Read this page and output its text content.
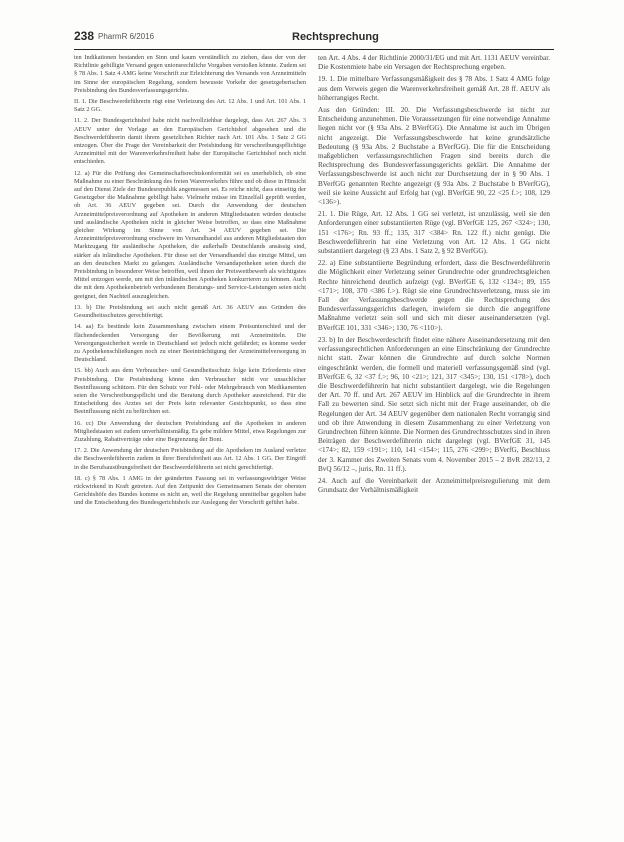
238 PharmR 6/2016	Rechtsprechung

ten Indikationen bestanden en Sinn und kaum verständlich zu ziehen, dass der von der Richtlinie gebilligte Versand gegen unionsrechtliche Vorgaben verstoßen könnte. Zudem sei § 78 Abs. 1 Satz 4 AMG keine Vorschrift zur Erleichterung des Versands von Arzneimitteln im Sinne der europäischen Regelung, sondern bewusste Vorkehr der gesetzgeberischen Preisbindung des Bundesverfassungsgerichts.

II. 1. Die Beschwerdeführerin rügt eine Verletzung des Art. 12 Abs. 1 und Art. 101 Abs. 1 Satz 2 GG.

11. 2. Der Bundesgerichtshof habe nicht nachvollziehbar dargelegt, dass Art. 267 Abs. 3 AEUV unter der Vorlage an den Europäischen Gerichtshof abgesehen und die Beschwerdeführerin damit ihrem gesetzlichen Richter nach Art. 101 Abs. 1 Satz 2 GG entzogen. Über die Frage der Vereinbarkeit der Preisbindung für verschreibungspflichtige Arzneimittel mit der Warenverkehrsfreiheit habe der Europäische Gerichtshof noch nicht entschieden.

12. a) Für die Prüfung des Gemeinschaftsrechtskonformität sei es unerheblich, ob eine Maßnahme zu einer Beschränkung des freien Warenverkehrs führe und ob diese in Hinsicht auf den Dienst Ziele der Bundesrepublik angemessen sei. Es reiche nicht, dass einseitig der Gesetzgeber die Maßnahme gebilligt habe. Vielmehr müsse im Einzelfall geprüft werden, ob Art. 36 AEUV gegeben sei. Durch die Anwendung der deutschen Arzneimittelpreisverordnung auf Apotheken in anderen Mitgliedstaaten würden deutsche und ausländische Apotheken nicht in gleicher Weise betroffen, so dass eine Maßnahme gleicher Wirkung im Sinne von Art. 34 AEUV gegeben sei. Die Arzneimittelpreisverordnung erschwere im Versandhandel aus anderen Mitgliedstaaten den Marktzugang für ausländische Apotheken, die außerhalb Deutschlands ansässig sind, stärker als inländische Apotheken. Für diese sei der Versandhandel das einzige Mittel, um an den deutschen Markt zu gelangen. Ausländische Versandapotheken seien durch die Preisbindung in besonderer Weise betroffen, weil ihnen der Preiswettbewerb als wichtigstes Mittel entzogen werde, um mit den inländischen Apotheken konkurrieren zu können. Auch die mit dem Apothekenbetrieb verbundenen Beratungs- und Service-Leistungen seien nicht geeignet, den Nachteil auszugleichen.

13. b) Die Preisbindung sei auch nicht gemäß Art. 36 AEUV aus Gründen des Gesundheitsschutzes gerechtfertigt.

14. aa) Es bestünde kein Zusammenhang zwischen einem Preisunterschied und der flächendeckenden Versorgung der Bevölkerung mit Arzneimitteln. Die Versorgungssicherheit werde in Deutschland sei jedoch nicht gefährdet; es komme weder zu Apothekenschließungen noch zu einer Beeinträchtigung der Arzneimittelversorgung in Deutschland.

15. bb) Auch aus dem Verbraucher- und Gesundheitsschutz folge kein Erfordernis einer Preisbindung. Die Preisbindung könne den Verbraucher nicht vor unsachlicher Beeinflussung schützen. Für den Schutz vor Fehl- oder Mehrgebrauch von Medikamenten seien die Verschreibungspflicht und die Beratung durch Apotheker ausreichend. Für die Entscheidung des Arztes sei der Preis kein relevanter Gesichtspunkt, so dass eine Beeinflussung nicht zu befürchten sei.

16. cc) Die Anwendung der deutschen Preisbindung auf die Apotheken in anderen Mitgliedstaaten sei zudem unverhältnismäßig. Es gebe mildere Mittel, etwa Regelungen zur Zuzahlung, Rabattverträge oder eine Begrenzung der Boni.

17. 2. Die Anwendung der deutschen Preisbindung auf die Apotheken im Ausland verletze die Beschwerdeführerin zudem in ihrer Berufsfreiheit aus Art. 12 Abs. 1 GG. Der Eingriff in die Berufsausübungsfreiheit der Beschwerdeführerin sei nicht gerechtfertigt.

18. c) § 78 Abs. 1 AMG in der geänderten Fassung sei in verfassungswidriger Weise rückwirkend in Kraft getreten. Auf den Zeitpunkt des Gemeinsamen Senats der obersten Gerichtshöfe des Bundes komme es nicht an, weil die Regelung unmittelbar gegolten habe und die Entscheidung des Bundesgerichtshofs zur Auslegung der Vorschrift geführt habe.

ten Art. 4 Abs. 4 der Richtlinie 2000/31/EG und mit Art. 1131 AEUV vereinbar. Die Kostenmiete habe ein Versagen der Rechtsprechung ergeben.

19. 1. Die mittelbare Verfassungsmäßigkeit des § 78 Abs. 1 Satz 4 AMG folge aus dem Verweis gegen die Warenverkehrsfreiheit gemäß Art. 28 ff. AEUV als höherrangiges Recht.

Aus den Gründen: III. 20. Die Verfassungsbeschwerde ist nicht zur Entscheidung anzunehmen. Die Voraussetzungen für eine notwendige Annahme liegen nicht vor (§ 93a Abs. 2 BVerfGG). Die Annahme ist auch im Übrigen nicht angezeigt. Die Verfassungsbeschwerde hat keine grundsätzliche Bedeutung (§ 93a Abs. 2 Buchstabe a BVerfGG). Die für die Entscheidung maßgeblichen verfassungsrechtlichen Fragen sind bereits durch die Rechtsprechung des Bundesverfassungsgerichts geklärt. Die Annahme der Verfassungsbeschwerde ist auch nicht zur Durchsetzung der in § 90 Abs. 1 BVerfGG genannten Rechte angezeigt (§ 93a Abs. 2 Buchstabe b BVerfGG), weil sie keine Aussicht auf Erfolg hat (vgl. BVerfGE 90, 22 <25 f.>; 108, 129 <136>).

21. 1. Die Rüge, Art. 12 Abs. 1 GG sei verletzt, ist unzulässig, weil sie den Anforderungen einer substantiierten Rüge (vgl. BVerfGE 125, 267 <324>; 130, 151 <176>; Rn. 93 ff.; 135, 317 <384> Rn. 122 ff.) nicht genügt. Die Beschwerdeführerin hat eine Verletzung von Art. 12 Abs. 1 GG nicht substantiiert dargelegt (§ 23 Abs. 1 Satz 2, § 92 BVerfGG).

22. a) Eine substantiierte Begründung erfordert, dass die Beschwerdeführerin die Möglichkeit einer Verletzung seiner Grundrechte oder grundrechtsgleichen Rechte hinreichend deutlich aufzeigt (vgl. BVerfGE 6, 132 <134>; 89, 155 <171>; 108, 370 <386 f.>). Rügt sie eine Grundrechtsverletzung, muss sie im Fall der Verfassungsbeschwerde gegen die Rechtsprechung des Bundesverfassungsgerichts darlegen, inwiefern sie durch die angegriffene Maßnahme verletzt sein soll und sich mit dieser auseinandersetzen (vgl. BVerfGE 101, 331 <346>; 130, 76 <110>).

23. b) In der Beschwerdeschrift findet eine nähere Auseinandersetzung mit den verfassungsrechtlichen Anforderungen an eine Einschränkung der Grundrechte nicht statt. Zwar können die Grundrechte auf durch solche Normen eingeschränkt werden, die formell und materiell verfassungsgemäß sind (vgl. BVerfGE 6, 32 <37 f.>; 96, 10 <21>; 121, 317 <345>; 130, 151 <178>), doch die Beschwerdeführerin hat nicht substantiiert dargelegt, wie die Regelungen der Art. 70 ff. und Art. 267 AEUV im Hinblick auf die Grundrechte in ihrem Fall zu bewerten sind. Sie setzt sich nicht mit der Frage auseinander, ob die Regelungen der Art. 34 AEUV gegenüber dem nationalen Recht vorrangig sind und ob ihre Anwendung in diesem Zusammenhang zu einer Verletzung von Grundrechten führen könnte. Die Normen des Grundrechtsschutzes sind in ihren Beiträgen der Beschwerdeführerin nicht dargelegt (vgl. BVerfGE 31, 145 <174>; 82, 159 <191>; 110, 141 <154>; 115, 276 <299>; BVerfG, Beschluss der 3. Kammer des Zweiten Senats vom 4. November 2015 – 2 BvR 282/13, 2 BvQ 56/12 –, juris, Rn. 11 ff.).

24. Auch auf die Vereinbarkeit der Arzneimittelpreisregulierung mit dem Grundsatz der Verhältnismäßigkeit
